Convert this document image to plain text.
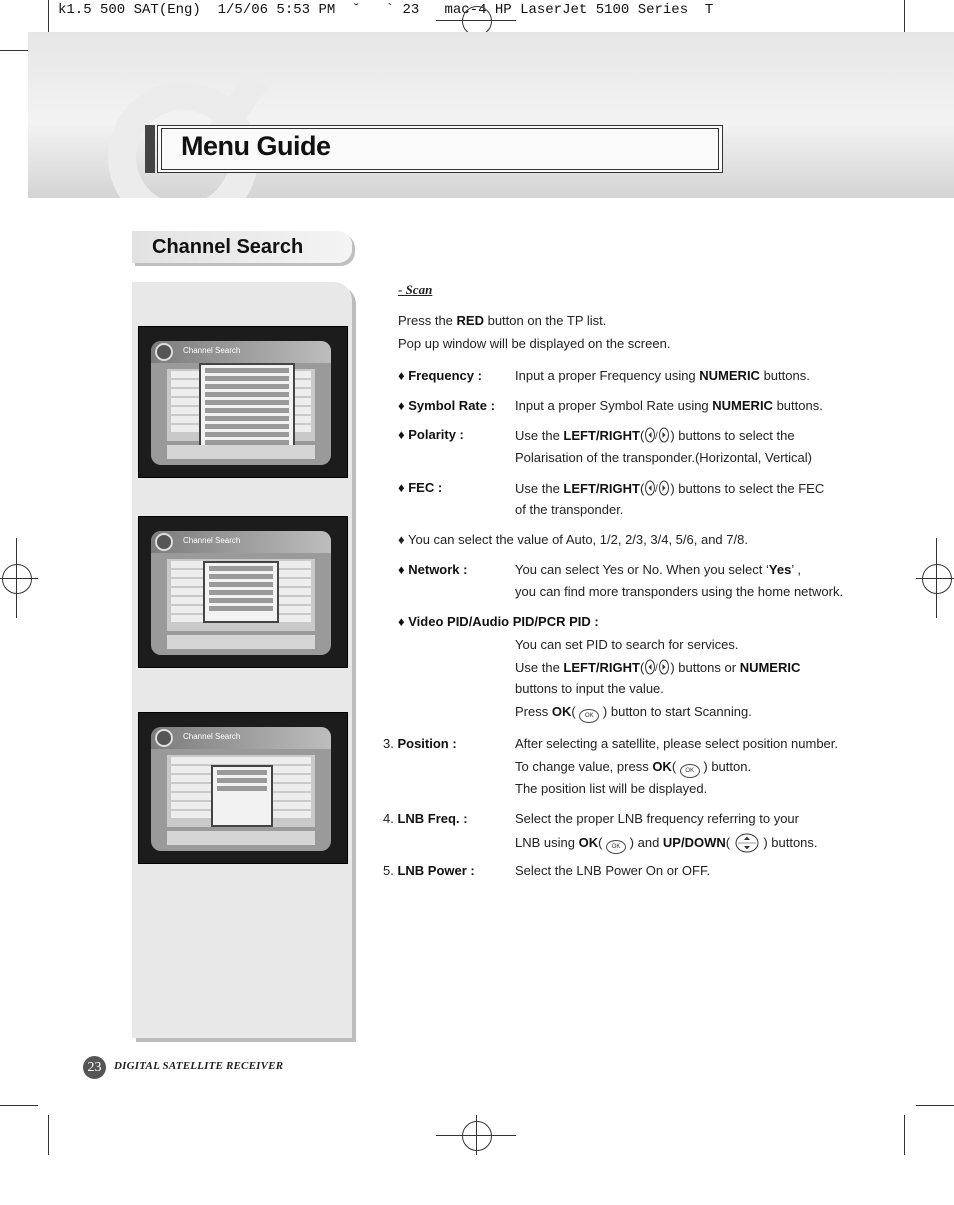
k1.5 500 SAT(Eng)  1/5/06 5:53 PM  ˘   ` 23   mac-4 HP LaserJet 5100 Series  T
Menu Guide
Channel Search
Channel Search
Channel Search
Channel Search
- Scan
Press the RED button on the TP list.
Pop up window will be displayed on the screen.
♦ Frequency :	Input a proper Frequency using NUMERIC buttons.
♦ Symbol Rate : Input a proper Symbol Rate using NUMERIC buttons.
♦ Polarity :	Use the LEFT/RIGHT( / ) buttons to select the
Polarisation of the transponder.(Horizontal, Vertical)
♦ FEC :	Use the LEFT/RIGHT( / ) buttons to select the FEC
of the transponder.
♦ You can select the value of Auto, 1/2, 2/3, 3/4, 5/6, and 7/8.
♦ Network :	You can select Yes or No. When you select ‘Yes’ ,
you can find more transponders using the home network.
♦ Video PID/Audio PID/PCR PID :
You can set PID to search for services.
Use the LEFT/RIGHT( / ) buttons or NUMERIC
buttons to input the value.
Press OK( OK ) button to start Scanning.
3. Position :	After selecting a satellite, please select position number.
To change value, press OK( OK ) button.
The position list will be displayed.
4. LNB Freq. :	Select the proper LNB frequency referring to your
LNB using OK( OK ) and UP/DOWN(  ) buttons.
5. LNB Power :	Select the LNB Power On or OFF.
23	DIGITAL SATELLITE RECEIVER
